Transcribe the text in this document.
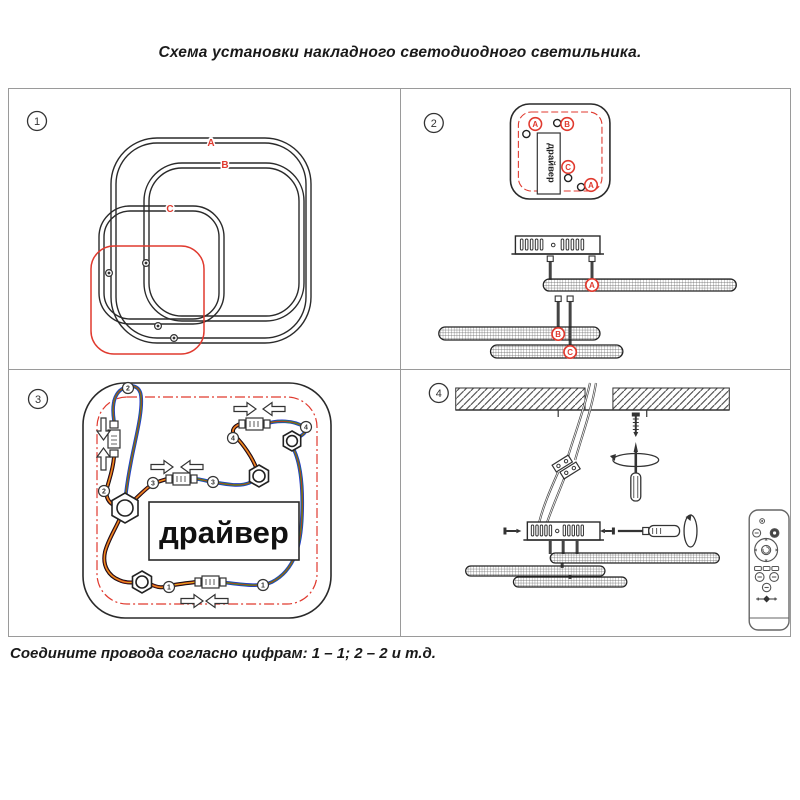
Схема установки накладного светодиодного светильника.
1
A
B
C
2
драйвер
A	B
C
A
A
B
C
3
драйвер
2
2
3	3
4
4
1	1
4
Соедините провода согласно цифрам: 1 – 1; 2 – 2 и т.д.
